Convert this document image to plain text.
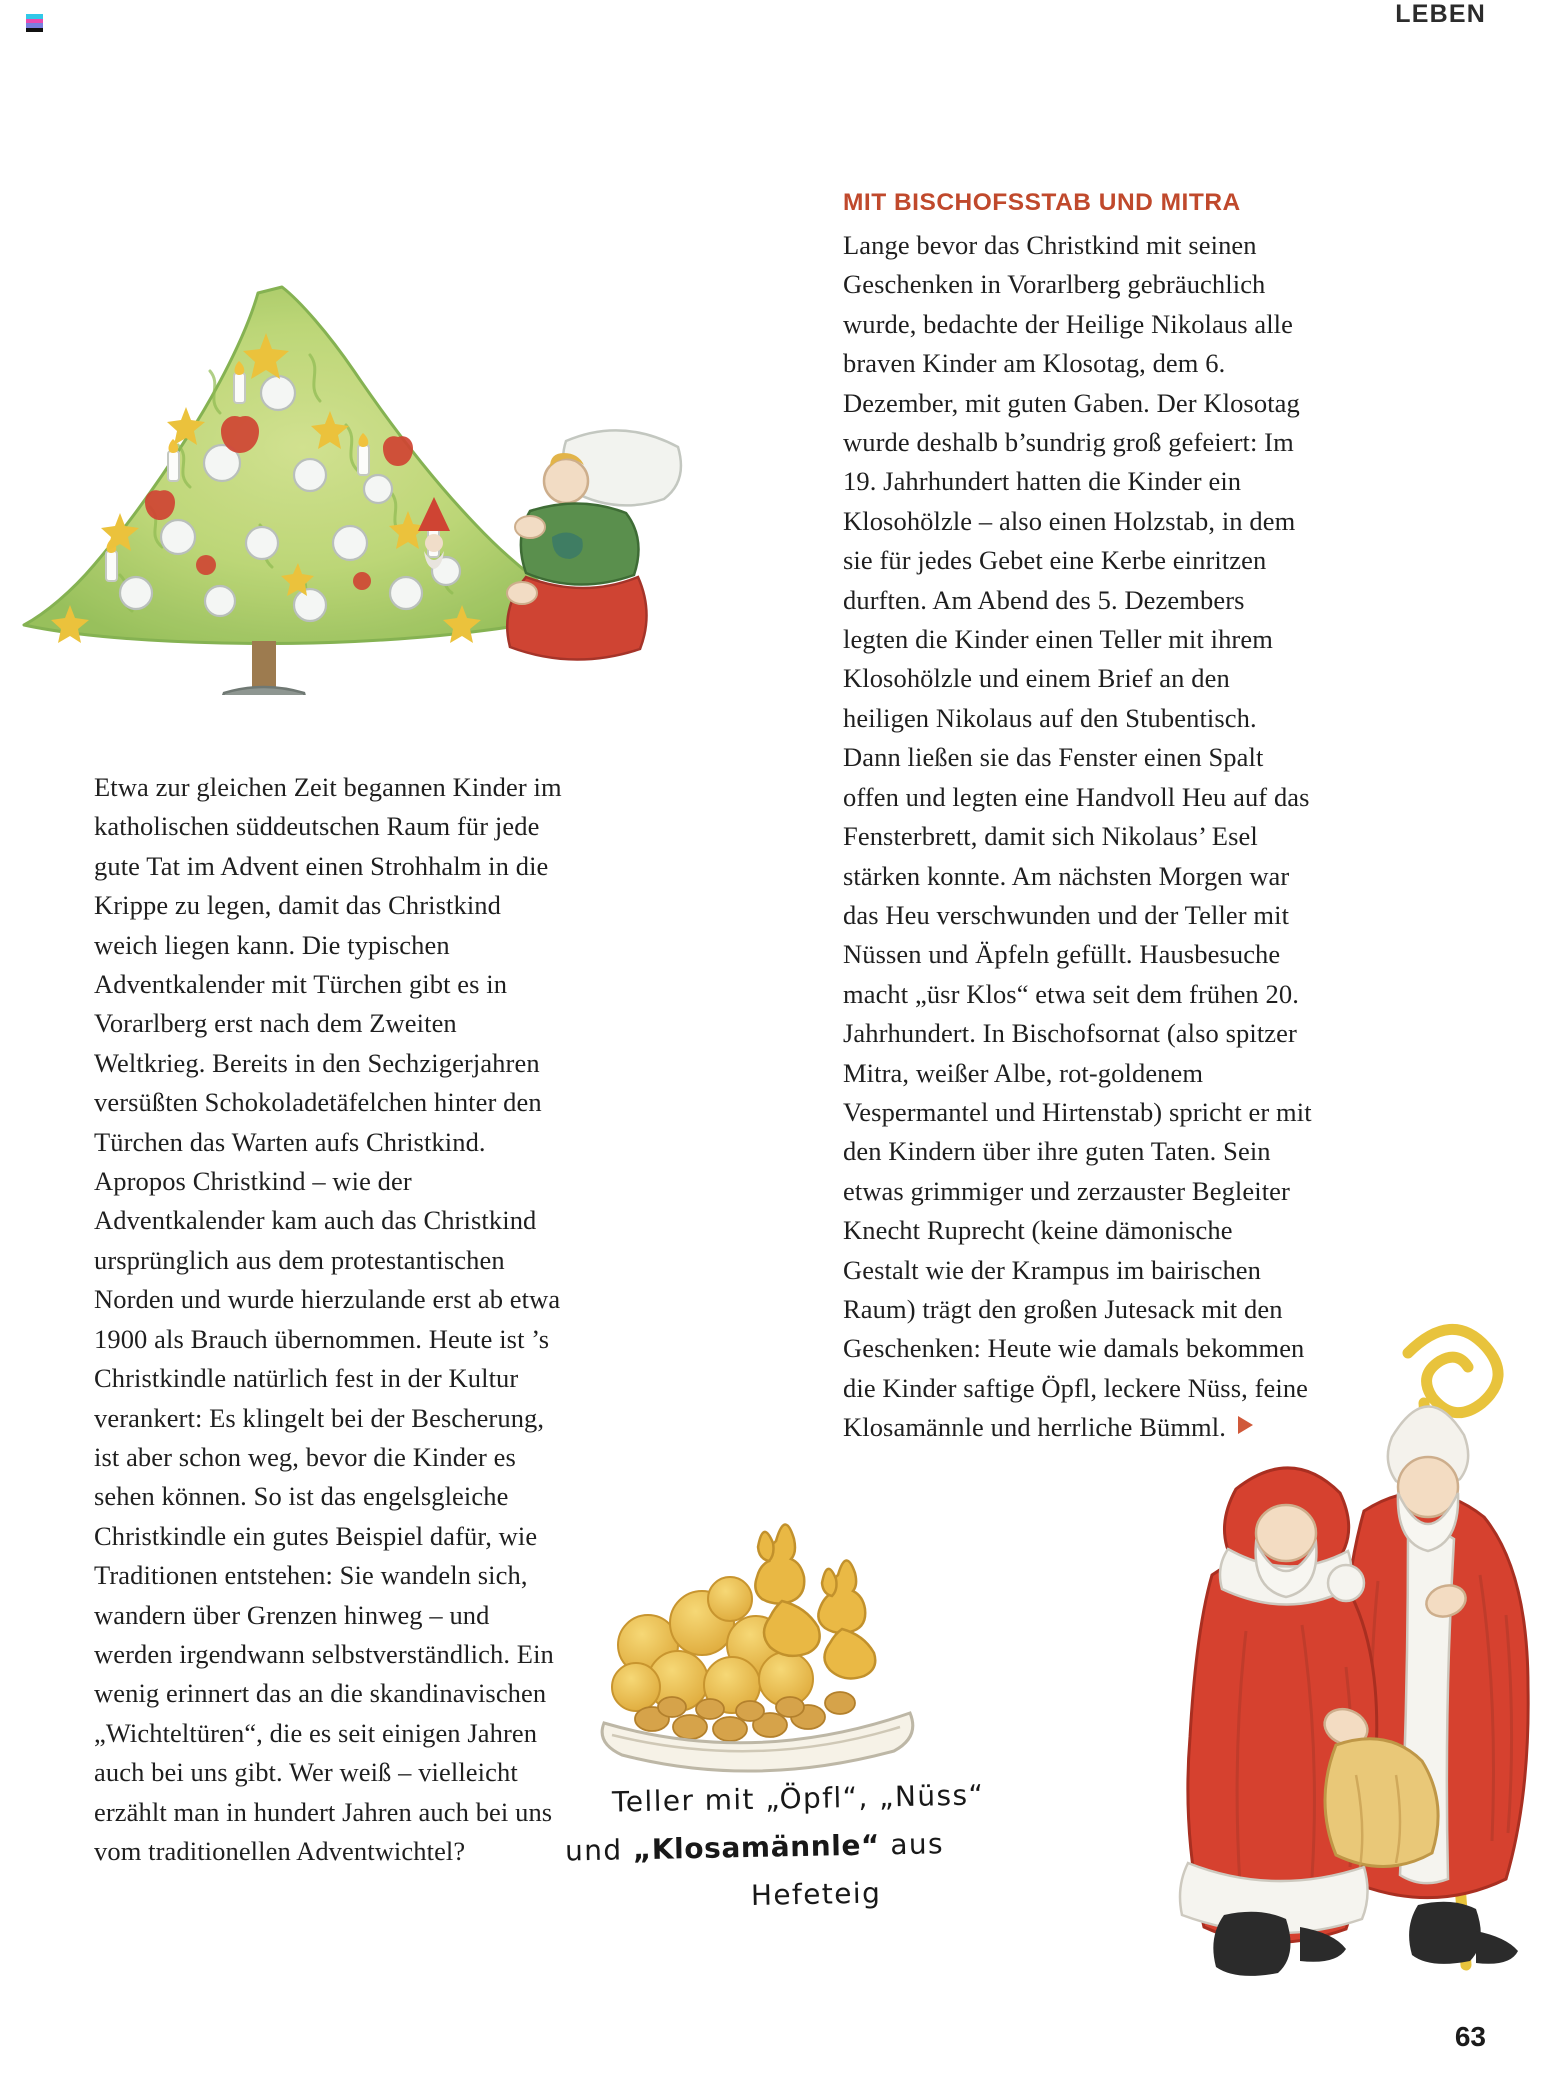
LEBEN

Etwa zur gleichen Zeit begannen Kinder im katholischen süddeutschen Raum für jede gute Tat im Advent einen Strohhalm in die Krippe zu legen, damit das Christkind weich liegen kann. Die typischen Adventkalender mit Türchen gibt es in Vorarlberg erst nach dem Zweiten Weltkrieg. Bereits in den Sechzigerjahren versüßten Schokoladetäfelchen hinter den Türchen das Warten aufs Christkind. Apropos Christkind – wie der Adventkalender kam auch das Christkind ursprünglich aus dem protestantischen Norden und wurde hierzulande erst ab etwa 1900 als Brauch übernommen. Heute ist ’s Christkindle natürlich fest in der Kultur verankert: Es klingelt bei der Bescherung, ist aber schon weg, bevor die Kinder es sehen können. So ist das engelsgleiche Christkindle ein gutes Beispiel dafür, wie Traditionen entstehen: Sie wandeln sich, wandern über Grenzen hinweg – und werden irgendwann selbstverständlich. Ein wenig erinnert das an die skandinavischen „Wichteltüren“, die es seit einigen Jahren auch bei uns gibt. Wer weiß – vielleicht erzählt man in hundert Jahren auch bei uns vom traditionellen Adventwichtel?

MIT BISCHOFSSTAB UND MITRA

Lange bevor das Christkind mit seinen Geschenken in Vorarlberg gebräuchlich wurde, bedachte der Heilige Nikolaus alle braven Kinder am Klosotag, dem 6. Dezember, mit guten Gaben. Der Klosotag wurde deshalb b’sundrig groß gefeiert: Im 19. Jahrhundert hatten die Kinder ein Klosohölzle – also einen Holzstab, in dem sie für jedes Gebet eine Kerbe einritzen durften. Am Abend des 5. Dezembers legten die Kinder einen Teller mit ihrem Klosohölzle und einem Brief an den heiligen Nikolaus auf den Stubentisch. Dann ließen sie das Fenster einen Spalt offen und legten eine Handvoll Heu auf das Fensterbrett, damit sich Nikolaus’ Esel stärken konnte. Am nächsten Morgen war das Heu verschwunden und der Teller mit Nüssen und Äpfeln gefüllt. Hausbesuche macht „üsr Klos“ etwa seit dem frühen 20. Jahrhundert. In Bischofsornat (also spitzer Mitra, weißer Albe, rot-goldenem Vespermantel und Hirtenstab) spricht er mit den Kindern über ihre guten Taten. Sein etwas grimmiger und zerzauster Begleiter Knecht Ruprecht (keine dämonische Gestalt wie der Krampus im bairischen Raum) trägt den großen Jutesack mit den Geschenken: Heute wie damals bekommen die Kinder saftige Öpfl, leckere Nüss, feine Klosamännle und herrliche Bümml.

Teller mit „Öpfl“, „Nüss“
und „Klosamännle“ aus
Hefeteig
63
